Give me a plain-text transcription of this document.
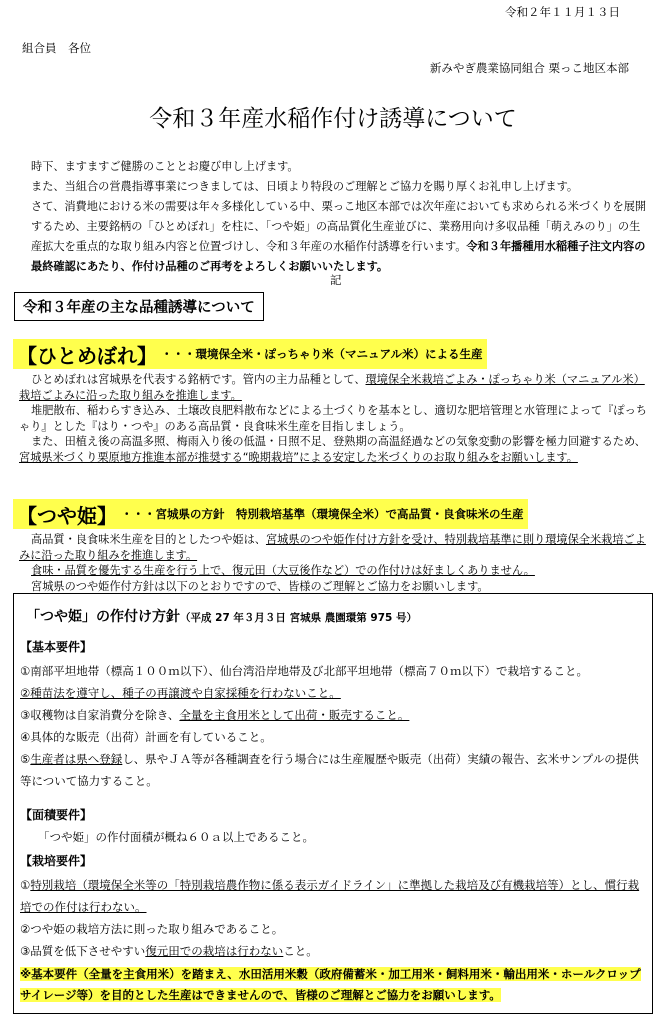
令和２年１１月１３日
組合員　各位
新みやぎ農業協同組合 栗っこ地区本部
令和３年産水稲作付け誘導について
時下、ますますご健勝のこととお慶び申し上げます。
また、当組合の営農指導事業につきましては、日頃より特段のご理解とご協力を賜り厚くお礼申し上げます。
さて、消費地における米の需要は年々多様化している中、栗っこ地区本部では次年産においても求められる米づくりを展開するため、主要銘柄の「ひとめぼれ」を柱に、「つや姫」の高品質化生産並びに、業務用向け多収品種「萌えみのり」の生産拡大を重点的な取り組み内容と位置づけし、令和３年産の水稲作付誘導を行います。令和３年播種用水稲種子注文内容の最終確認にあたり、作付け品種のご再考をよろしくお願いいたします。
記
令和３年産の主な品種誘導について
【ひとめぼれ】 ・・・環境保全米・ぽっちゃり米（マニュアル米）による生産
ひとめぼれは宮城県を代表する銘柄です。管内の主力品種として、環境保全米栽培ごよみ・ぽっちゃり米（マニュアル米）栽培ごよみに沿った取り組みを推進します。
堆肥散布、稲わらすき込み、土壌改良肥料散布などによる土づくりを基本とし、適切な肥培管理と水管理によって『ぽっちゃり』とした『はり・つや』のある高品質・良食味米生産を目指しましょう。
また、田植え後の高温多照、梅雨入り後の低温・日照不足、登熟期の高温経過などの気象変動の影響を極力回避するため、宮城県米づくり栗原地方推進本部が推奨する“晩期栽培”による安定した米づくりのお取り組みをお願いします。
【つや姫】 ・・・宮城県の方針　特別栽培基準（環境保全米）で高品質・良食味米の生産
高品質・良食味米生産を目的としたつや姫は、宮城県のつや姫作付け方針を受け、特別栽培基準に則り環境保全米栽培ごよみに沿った取り組みを推進します。
食味・品質を優先する生産を行う上で、復元田（大豆後作など）での作付けは好ましくありません。
宮城県のつや姫作付方針は以下のとおりですので、皆様のご理解とご協力をお願いします。
「つや姫」の作付け方針（平成 27 年３月３日 宮城県 農園環第 975 号）
【基本要件】
①南部平坦地帯（標高１００ｍ以下）、仙台湾沿岸地帯及び北部平坦地帯（標高７０ｍ以下）で栽培すること。
②種苗法を遵守し、種子の再譲渡や自家採種を行わないこと。
③収穫物は自家消費分を除き、全量を主食用米として出荷・販売すること。
④具体的な販売（出荷）計画を有していること。
⑤生産者は県へ登録し、県やＪＡ等が各種調査を行う場合には生産履歴や販売（出荷）実績の報告、玄米サンプルの提供等について協力すること。
【面積要件】
「つや姫」の作付面積が概ね６０ａ以上であること。
【栽培要件】
①特別栽培（環境保全米等の「特別栽培農作物に係る表示ガイドライン」に準拠した栽培及び有機栽培等）とし、慣行栽培での作付は行わない。
②つや姫の栽培方法に則った取り組みであること。
③品質を低下させやすい復元田での栽培は行わないこと。
※基本要件（全量を主食用米）を踏まえ、水田活用米穀（政府備蓄米・加工用米・飼料用米・輸出用米・ホールクロップサイレージ等）を目的とした生産はできませんので、皆様のご理解とご協力をお願いします。
